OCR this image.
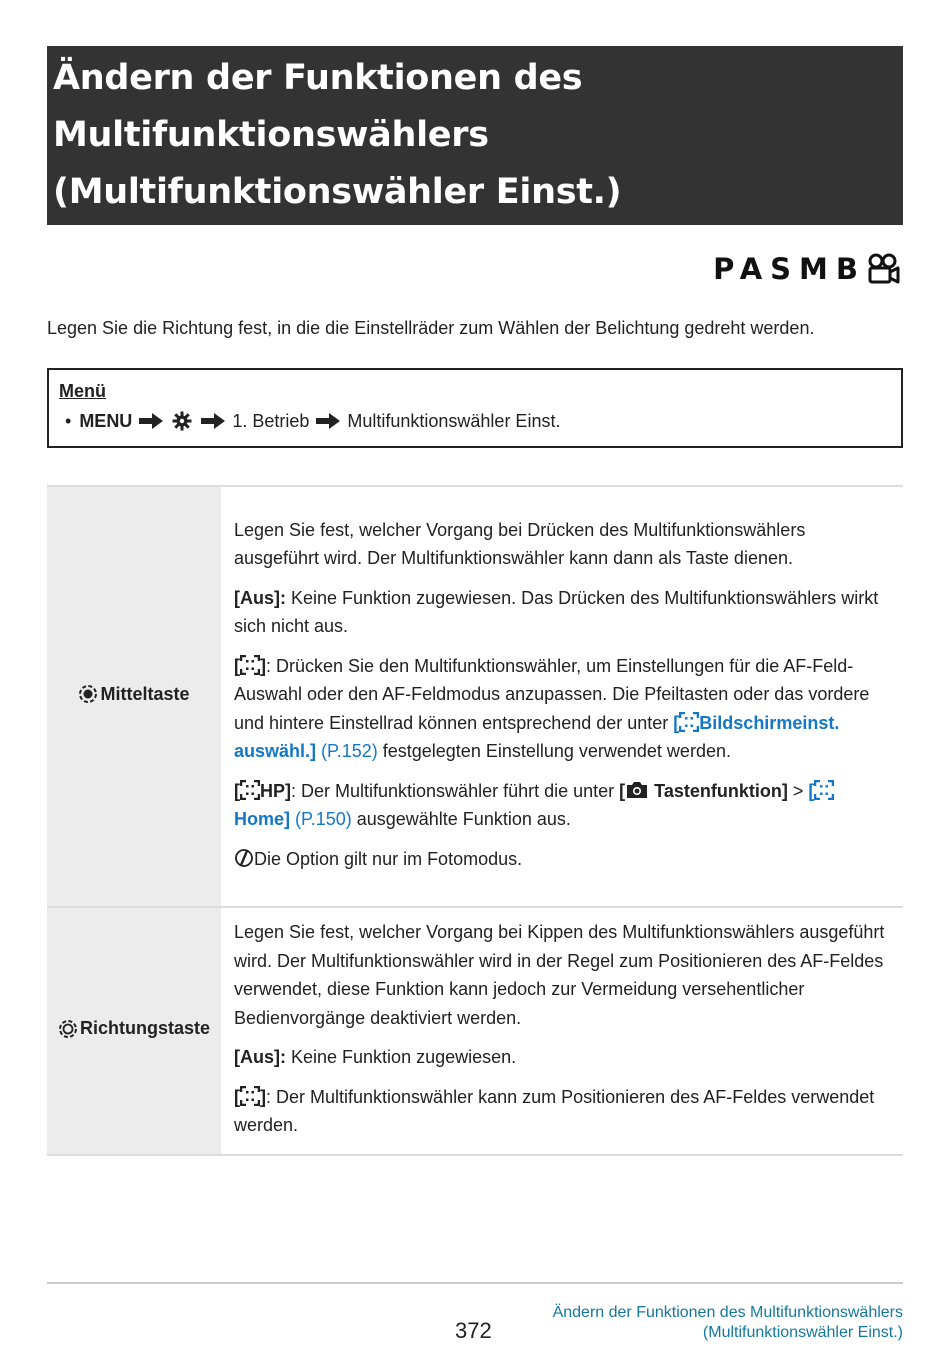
Ändern der Funktionen des Multifunktionswählers (Multifunktionswähler Einst.)
PASMB
Legen Sie die Richtung fest, in die die Einstellräder zum Wählen der Belichtung gedreht werden.
Menü
• MENU	1. Betrieb Multifunktionswähler Einst.
Mitteltaste	Legen Sie fest, welcher Vorgang bei Drücken des Multifunktionswählers ausgeführt wird. Der Multifunktionswähler kann dann als Taste dienen.

[Aus]: Keine Funktion zugewiesen. Das Drücken des Multifunktionswählers wirkt sich nicht aus.

[ ]: Drücken Sie den Multifunktionswähler, um Einstellungen für die AF-Feld-Auswahl oder den AF-Feldmodus anzupassen. Die Pfeiltasten oder das vordere und hintere Einstellrad können entsprechend der unter [ Bildschirmeinst. auswähl.] (P.152) festgelegten Einstellung verwendet werden.

[ HP]: Der Multifunktionswähler führt die unter [ Tastenfunktion] > [Home] (P.150) ausgewählte Funktion aus.

Die Option gilt nur im Fotomodus.

Richtungstaste	Legen Sie fest, welcher Vorgang bei Kippen des Multifunktionswählers ausgeführt wird. Der Multifunktionswähler wird in der Regel zum Positionieren des AF-Feldes verwendet, diese Funktion kann jedoch zur Vermeidung versehentlicher Bedienvorgänge deaktiviert werden.

[Aus]: Keine Funktion zugewiesen.

[ ]: Der Multifunktionswähler kann zum Positionieren des AF-Feldes verwendet werden.

372
Ändern der Funktionen des Multifunktionswählers (Multifunktionswähler Einst.)
